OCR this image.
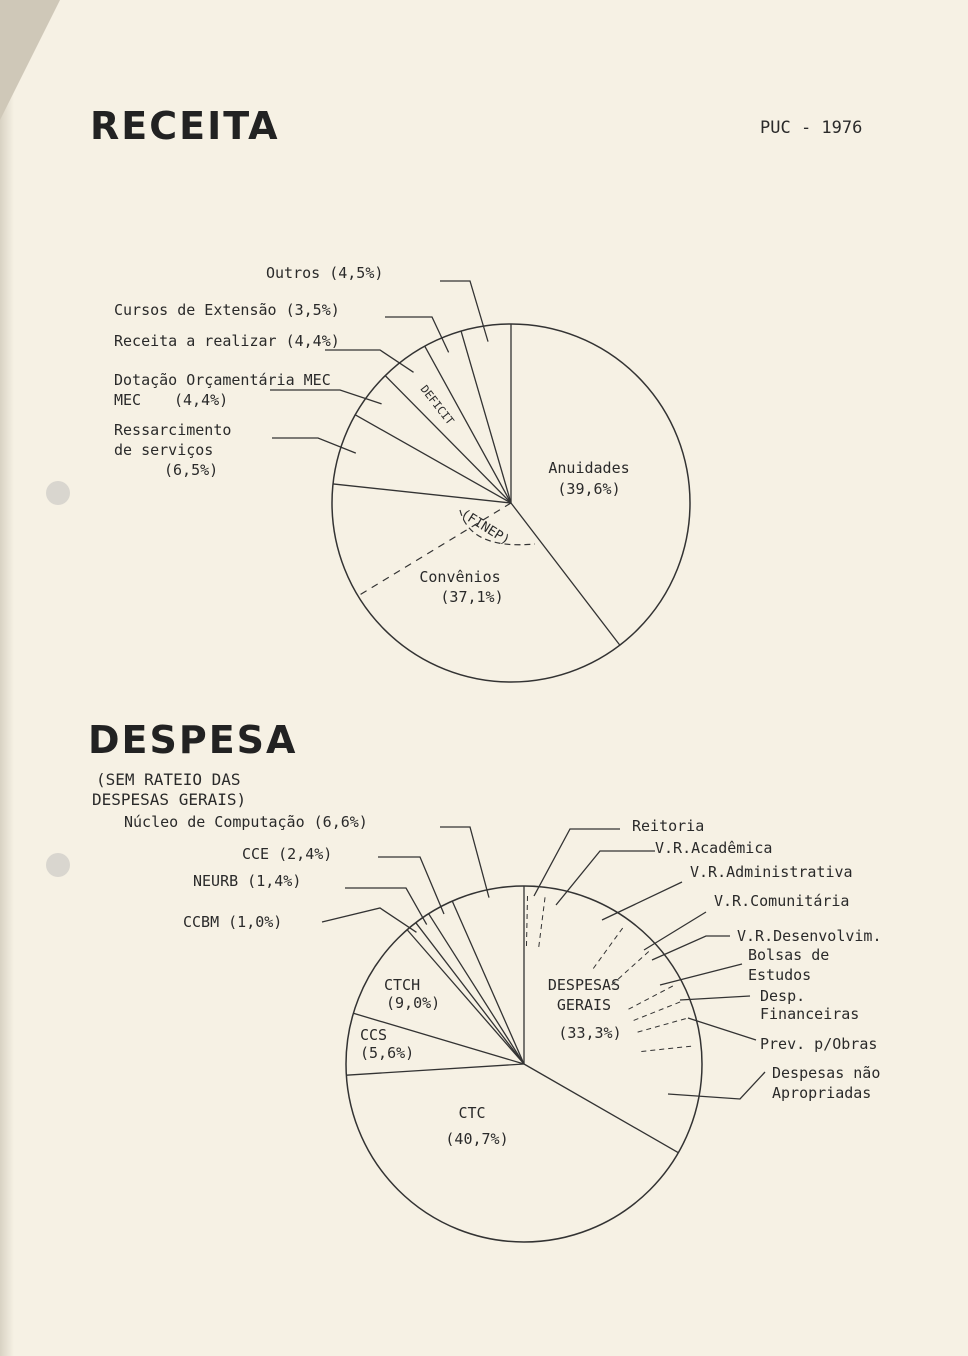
RECEITA	PUC - 1976
DESPESA
(SEM RATEIO DAS
DESPESAS GERAIS)
(FINEP)
DEFICIT
Anuidades
(39,6%)
Convênios
(37,1%)
Outros (4,5%)
Cursos de Extensão (3,5%)
Receita a realizar (4,4%)
Dotação Orçamentária MEC
MEC (4,4%)
Ressarcimento
de serviços
(6,5%)
DESPESAS
GERAIS
(33,3%)
CTC
(40,7%)
CCS
(5,6%)
CTCH
(9,0%)
Núcleo de Computação (6,6%)
CCE (2,4%)
NEURB (1,4%)
CCBM (1,0%)
Reitoria
V.R.Acadêmica
V.R.Administrativa
V.R.Comunitária
V.R.Desenvolvim.
Bolsas de
Estudos
Desp.
Financeiras
Prev. p/Obras
Despesas não
Apropriadas
